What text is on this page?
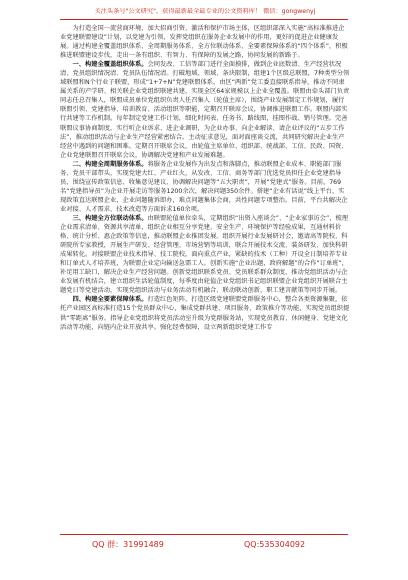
关注头条号"公文研究"，获得最新最全最专业的公文资料库！ 微信：gongwenyj

为打造全国一流营商环境，加大招商引资、激活和保护市场主体，区组织部深入实施“高标准推进企业党建联盟建设”计划，以党建为引领，发挥党组织在服务企业发展中的作用，更好的促进企业健康发展。通过构建全覆盖组织体系、全周期服务体系、全方位联动体系、全要素保障体系的“四个体系”，积极推进联盟建设步伐，走出一条有组织、有智力、有保障的发展之路，协同发展的新路子。

一、构建全覆盖组织体系。会同发改、工信等部门进行全面摸排，做到企业底数清、生产经营状况清、党员组织情况清、党员队伍情况清。打破地域、领域、条块限制，组建1个区级总联盟，7种类型分领域联盟和N个行业子联盟，形成“1+7+N”党建联盟体系，由区“两新”党工委直接联系指导，推动不同隶属关系的产学研、相关联企业党组织联建共建，实现全区64家规模以上企业全覆盖。联盟由牵头部门负责同志任总召集人，联盟成员单位党组织负责人任召集人（轮值主席），围绕产业发展制定工作规划，履行联盟引领、党建指导、培训教育、活动组织等职能，定期召开联席会议，协调推进联盟工作。联盟内部实行共建等工作机制。每年制定党建工作计划，细化时间表、任务书、路线图，挂图作战、销号管理。完善联盟议事协商制度，实行听企业诉求、进企业调研，为企业办事、向企业解读、请企业评议的“五步工作法”，推动组织活动与企业生产经营紧密结合。主动征求意见，面对面座谈交流，共同研究解决企业生产经营中遇到的问题和困难。定期召开联席会议，由轮值主席单位、组织部、统战部、工信、民政、国资、企业党建联盟召开联席会议，协调解决党建和产业发展难题。

二、构建全周期服务体系。将服务企业发展作为出发点和落脚点，推动联盟企业成本、职能部门服务、党员干部带头，实现党建大红、产业红火，从发改、工信、商务等部门优选党员担任企业党建指导员，围绕宣传政策信息、收集意见建议、协调解决问题等“五大职责”，开展“党建式”服务。目前，769名“党建指导员”为企业开展走访等服务1200余次，解决问题350余件。搭建“企业有话说”线上平台，实现政策直达联盟企业，企业问题随诉即办，难点问题集体会商，共性问题专项整治。目前，平台共解决企业对接、人才需求、技术改造等方面诉求160余项。

三、构建全方位联动体系。由联盟轮值单位牵头，定期组织“出资入座谈会”、“企业家事访会”，梳理企业需求清单、资源共享清单，组织企业相互分享党建、安全生产、环境保护等经验成果，互通材料价格、统计分析、惠企政策等信息，推动联盟企业推团发展。组织开展行业发展研讨会，邀请高等院校、科研院所专家教授，开展生产研发、经营管理、市场营销等培训，联合开展技术交流、装备研发、加快科研成果转化。对接联盟企业技术指导、技工院校，面向重点产业，紧缺的技术（工种）开设全日制培养专业和订单式人才培养班，为联盟企业定向输送急需工人。创新实施“企业出题，政府解题”的合作“订单班”，补足用工缺口，解决企业生产经营问题。创新党组织联系党员、党员联系群众制度，推动党组织活动与企业发展有机结合，建立组织生活轮值制度，每季度由轮值企业党组织书记组织联盟企业党组织开展联合主题党日等党建活动，实现党组织活动与业务活动有机融合、联动联动创新，职工建言献策等同步开展。

四、构建全要素保障体系。打造红色矩阵，打造区级党建联盟党群服务中心，整合各类资源集聚，依托产业园区高标准打造15个党员群众中心，集成党群共建、项目服务、政策推介等功能，实现党员组织提供“零距离”服务。指导企业党组织将党员活动室升级为党群服务站，实现党员教育、休闲健身、党建文化活动等功能，向链内企业开放共享。强化经费保障，设立两新组织党建工作专

QQ 群：31991489	QQ:535304092
